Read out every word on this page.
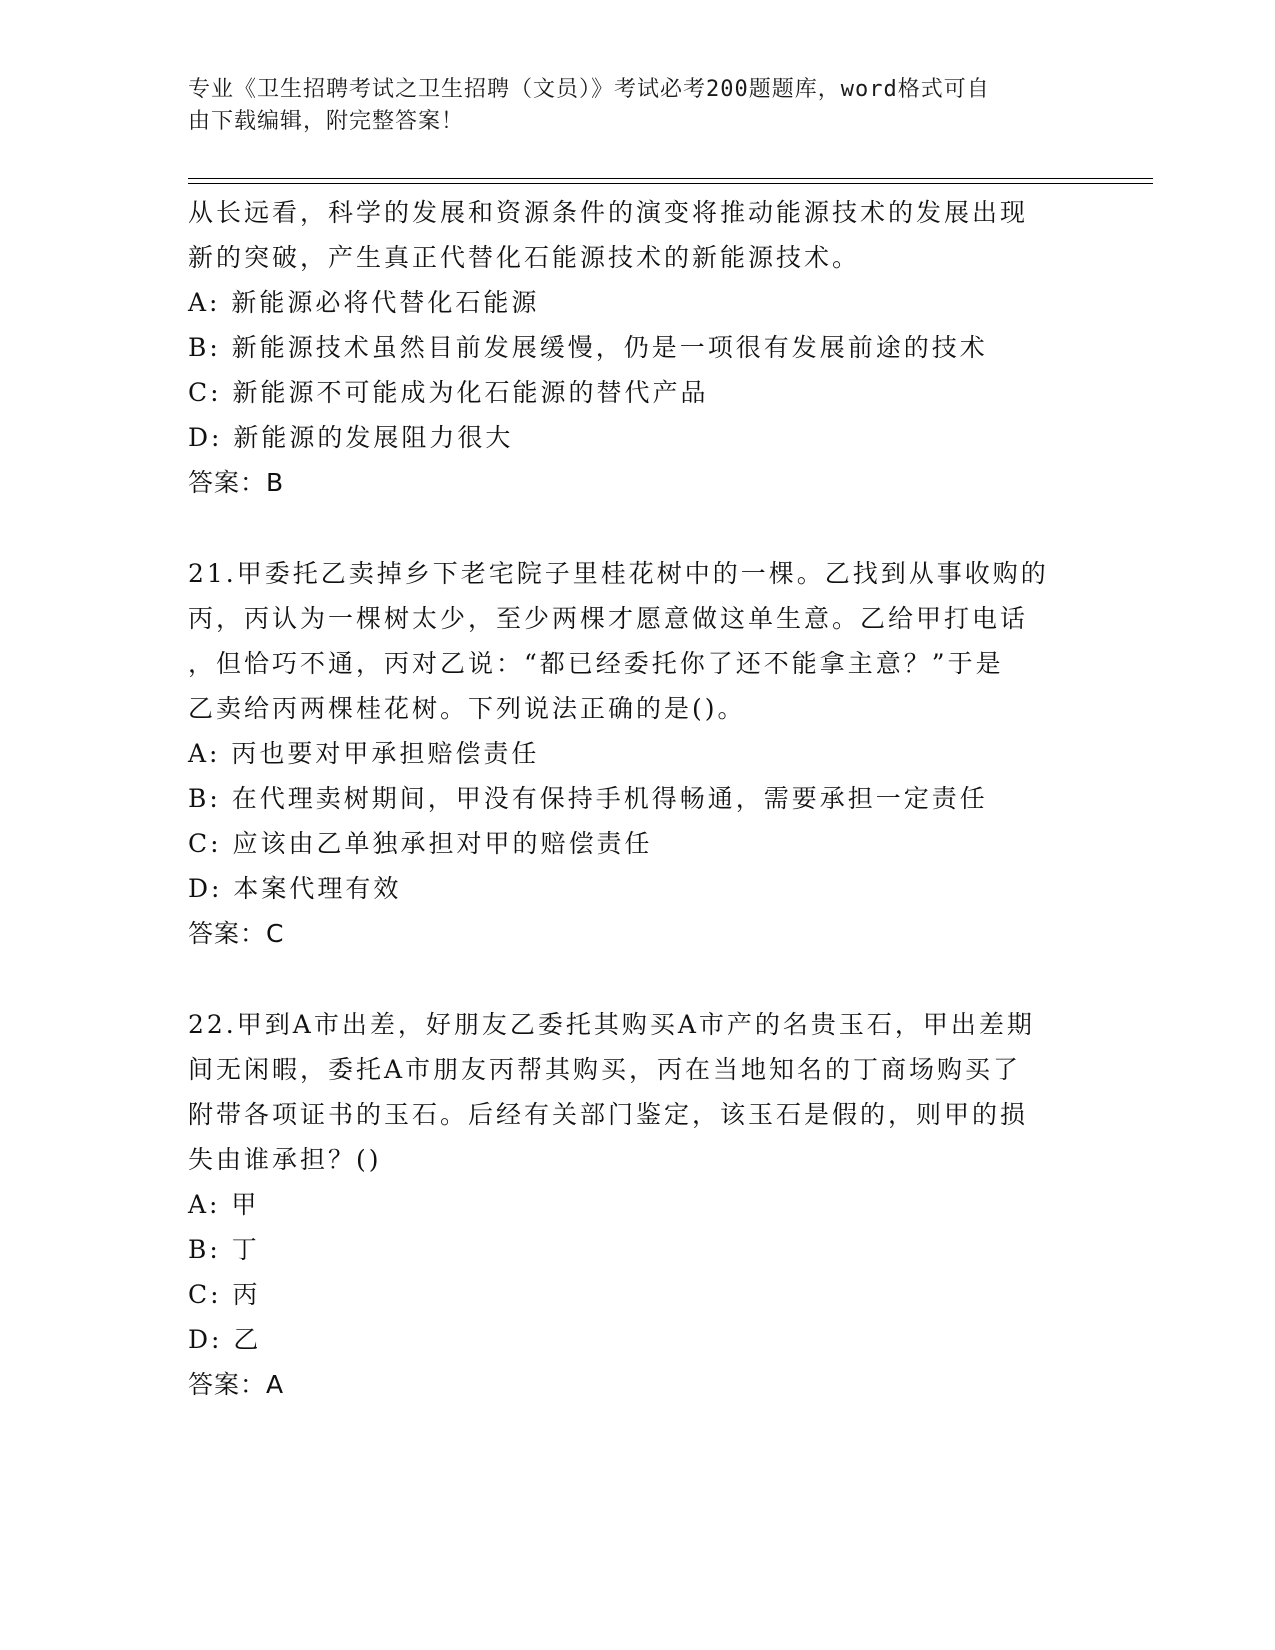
专业《卫生招聘考试之卫生招聘（文员）》考试必考200题题库，word格式可自
由下载编辑，附完整答案！
从长远看，科学的发展和资源条件的演变将推动能源技术的发展出现
新的突破，产生真正代替化石能源技术的新能源技术。
A: 新能源必将代替化石能源
B: 新能源技术虽然目前发展缓慢，仍是一项很有发展前途的技术
C: 新能源不可能成为化石能源的替代产品
D: 新能源的发展阻力很大
答案：B
21.甲委托乙卖掉乡下老宅院子里桂花树中的一棵。乙找到从事收购的
丙，丙认为一棵树太少，至少两棵才愿意做这单生意。乙给甲打电话
，但恰巧不通，丙对乙说：“都已经委托你了还不能拿主意？”于是
乙卖给丙两棵桂花树。下列说法正确的是()。
A: 丙也要对甲承担赔偿责任
B: 在代理卖树期间，甲没有保持手机得畅通，需要承担一定责任
C: 应该由乙单独承担对甲的赔偿责任
D: 本案代理有效
答案：C
22.甲到A市出差，好朋友乙委托其购买A市产的名贵玉石，甲出差期
间无闲暇，委托A市朋友丙帮其购买，丙在当地知名的丁商场购买了
附带各项证书的玉石。后经有关部门鉴定，该玉石是假的，则甲的损
失由谁承担？()
A: 甲
B: 丁
C: 丙
D: 乙
答案：A
